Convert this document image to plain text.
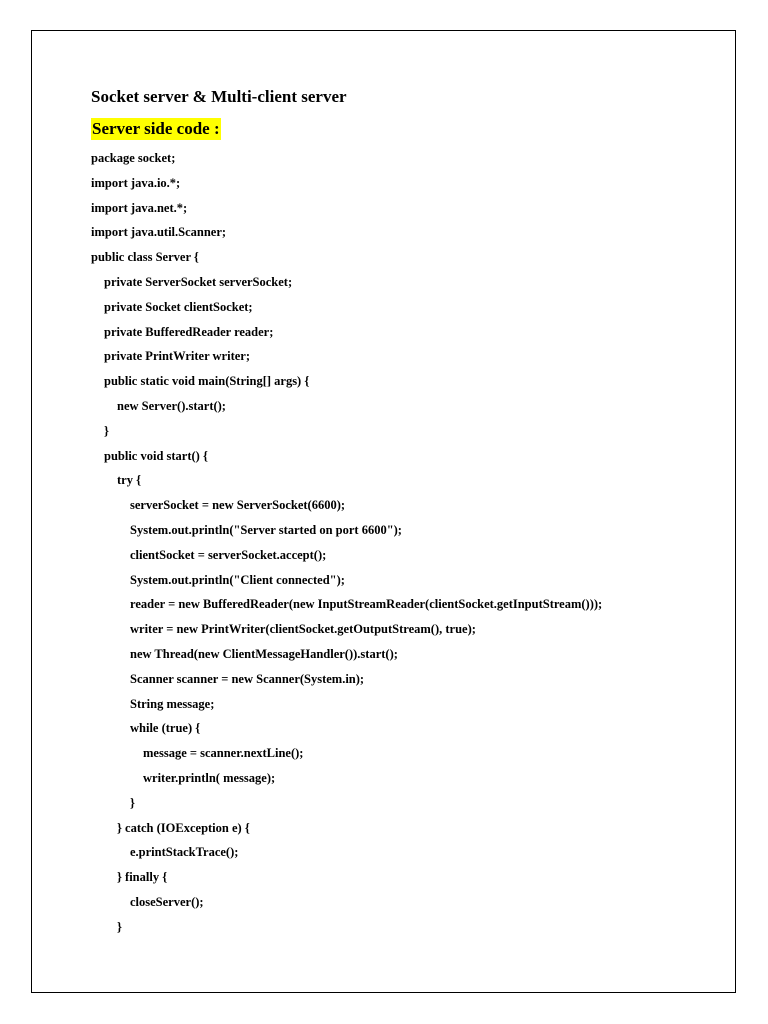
Socket server & Multi-client server
Server side code :
package socket;
import java.io.*;
import java.net.*;
import java.util.Scanner;
public class Server {
private ServerSocket serverSocket;
private Socket clientSocket;
private BufferedReader reader;
private PrintWriter writer;
public static void main(String[] args) {
new Server().start();
}
public void start() {
try {
serverSocket = new ServerSocket(6600);
System.out.println("Server started on port 6600");
clientSocket = serverSocket.accept();
System.out.println("Client connected");
reader = new BufferedReader(new InputStreamReader(clientSocket.getInputStream()));
writer = new PrintWriter(clientSocket.getOutputStream(), true);
new Thread(new ClientMessageHandler()).start();
Scanner scanner = new Scanner(System.in);
String message;
while (true) {
message = scanner.nextLine();
writer.println( message);
}
} catch (IOException e) {
e.printStackTrace();
} finally {
closeServer();
}
